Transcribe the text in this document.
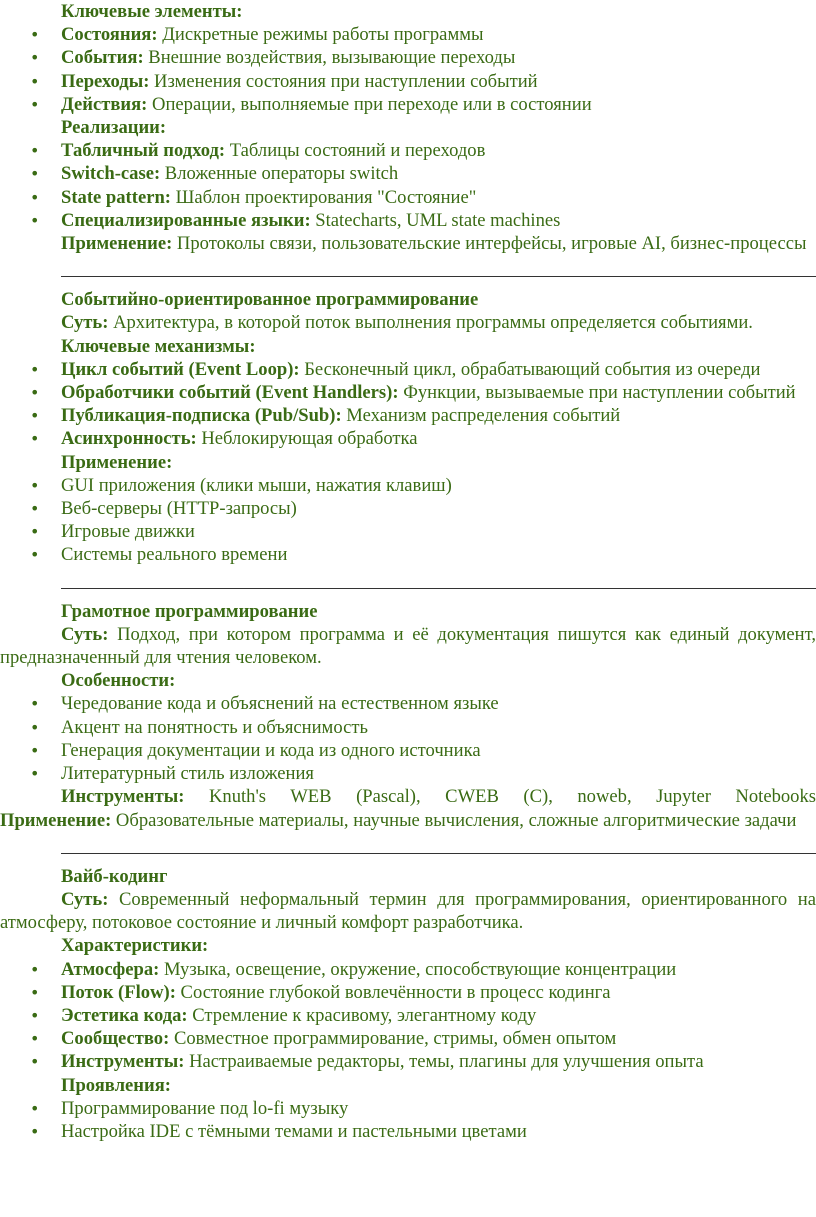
Ключевые элементы:

• Состояния: Дискретные режимы работы программы
• События: Внешние воздействия, вызывающие переходы
• Переходы: Изменения состояния при наступлении событий
• Действия: Операции, выполняемые при переходе или в состоянии

Реализации:

• Табличный подход: Таблицы состояний и переходов
• Switch-case: Вложенные операторы switch
• State pattern: Шаблон проектирования "Состояние"
• Специализированные языки: Statecharts, UML state machines

Применение: Протоколы связи, пользовательские интерфейсы, игровые AI, бизнес-процессы

Событийно-ориентированное программирование

Суть: Архитектура, в которой поток выполнения программы определяется событиями.

Ключевые механизмы:

• Цикл событий (Event Loop): Бесконечный цикл, обрабатывающий события из очереди
• Обработчики событий (Event Handlers): Функции, вызываемые при наступлении событий
• Публикация-подписка (Pub/Sub): Механизм распределения событий
• Асинхронность: Неблокирующая обработка

Применение:

• GUI приложения (клики мыши, нажатия клавиш)
• Веб-серверы (HTTP-запросы)
• Игровые движки
• Системы реального времени

Грамотное программирование

Суть: Подход, при котором программа и её документация пишутся как единый документ, предназначенный для чтения человеком.

Особенности:

• Чередование кода и объяснений на естественном языке
• Акцент на понятность и объяснимость
• Генерация документации и кода из одного источника
• Литературный стиль изложения

Инструменты: Knuth's WEB (Pascal), CWEB (C), noweb, Jupyter Notebooks

Применение: Образовательные материалы, научные вычисления, сложные алгоритмические задачи

Вайб-кодинг

Суть: Современный неформальный термин для программирования, ориентированного на атмосферу, потоковое состояние и личный комфорт разработчика.

Характеристики:

• Атмосфера: Музыка, освещение, окружение, способствующие концентрации
• Поток (Flow): Состояние глубокой вовлечённости в процесс кодинга
• Эстетика кода: Стремление к красивому, элегантному коду
• Сообщество: Совместное программирование, стримы, обмен опытом
• Инструменты: Настраиваемые редакторы, темы, плагины для улучшения опыта

Проявления:

• Программирование под lo-fi музыку
• Настройка IDE с тёмными темами и пастельными цветами
